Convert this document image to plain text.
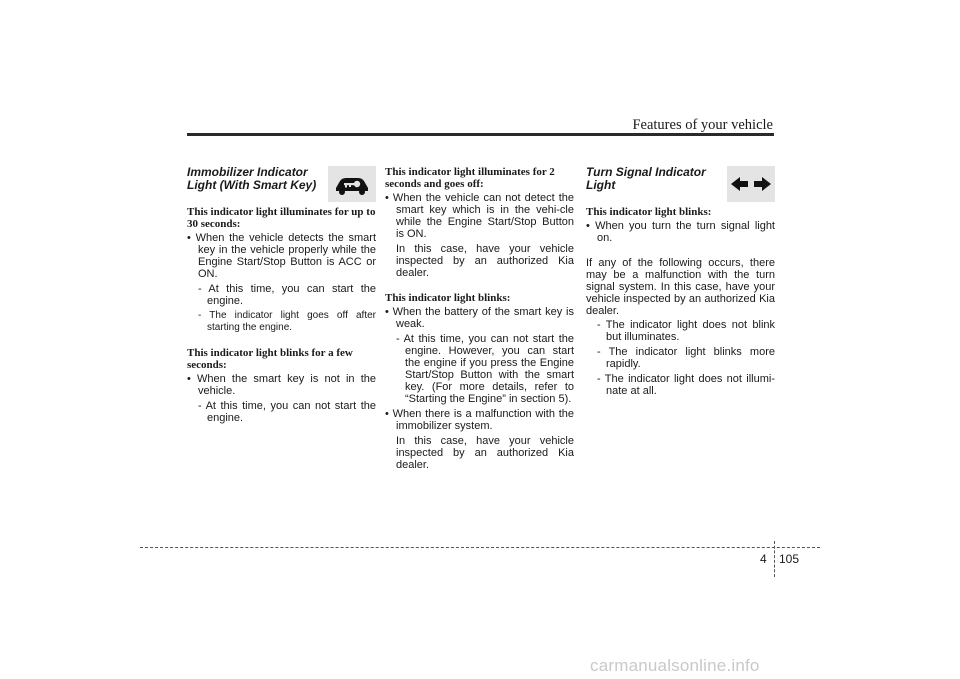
Features of your vehicle
Immobilizer Indicator
Light (With Smart Key)

This indicator light illuminates for up to 30 seconds:

• When the vehicle detects the smart key in the vehicle properly while the Engine Start/Stop Button is ACC or ON.

- At this time, you can start the engine.

- The indicator light goes off after starting the engine.

This indicator light blinks for a few seconds:

• When the smart key is not in the vehicle.

- At this time, you can not start the engine.

This indicator light illuminates for 2 seconds and goes off:

• When the vehicle can not detect the smart key which is in the vehi-cle while the Engine Start/Stop Button is ON.

In this case, have your vehicle inspected by an authorized Kia dealer.

This indicator light blinks:

• When the battery of the smart key is weak.

- At this time, you can not start the engine. However, you can start the engine if you press the Engine Start/Stop Button with the smart key. (For more details, refer to “Starting the Engine” in section 5).

• When there is a malfunction with the immobilizer system.

In this case, have your vehicle inspected by an authorized Kia dealer.

Turn Signal Indicator
Light

This indicator light blinks:

• When you turn the turn signal light on.

If any of the following occurs, there may be a malfunction with the turn signal system. In this case, have your vehicle inspected by an authorized Kia dealer.

- The indicator light does not blink but illuminates.

- The indicator light blinks more rapidly.

- The indicator light does not illumi-nate at all.

4 105
carmanualsonline.info
